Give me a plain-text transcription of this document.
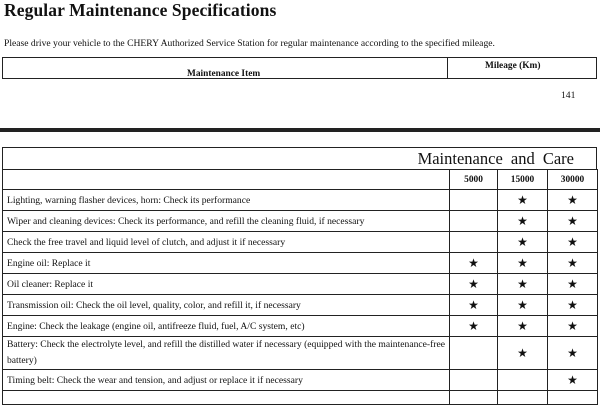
Regular Maintenance Specifications
Please drive your vehicle to the CHERY Authorized Service Station for regular maintenance according to the specified mileage.
Maintenance Item
Mileage (Km)
141
Maintenance and Care
	5000	15000	30000
Lighting, warning flasher devices, horn: Check its performance		★	★
Wiper and cleaning devices: Check its performance, and refill the cleaning fluid, if necessary		★	★
Check the free travel and liquid level of clutch, and adjust it if necessary		★	★
Engine oil: Replace it	★	★	★
Oil cleaner: Replace it	★	★	★
Transmission oil: Check the oil level, quality, color, and refill it, if necessary	★	★	★
Engine: Check the leakage (engine oil, antifreeze fluid, fuel, A/C system, etc)	★	★	★
Battery: Check the electrolyte level, and refill the distilled water if necessary (equipped with the maintenance-free battery)		★	★
Timing belt: Check the wear and tension, and adjust or replace it if necessary			★
